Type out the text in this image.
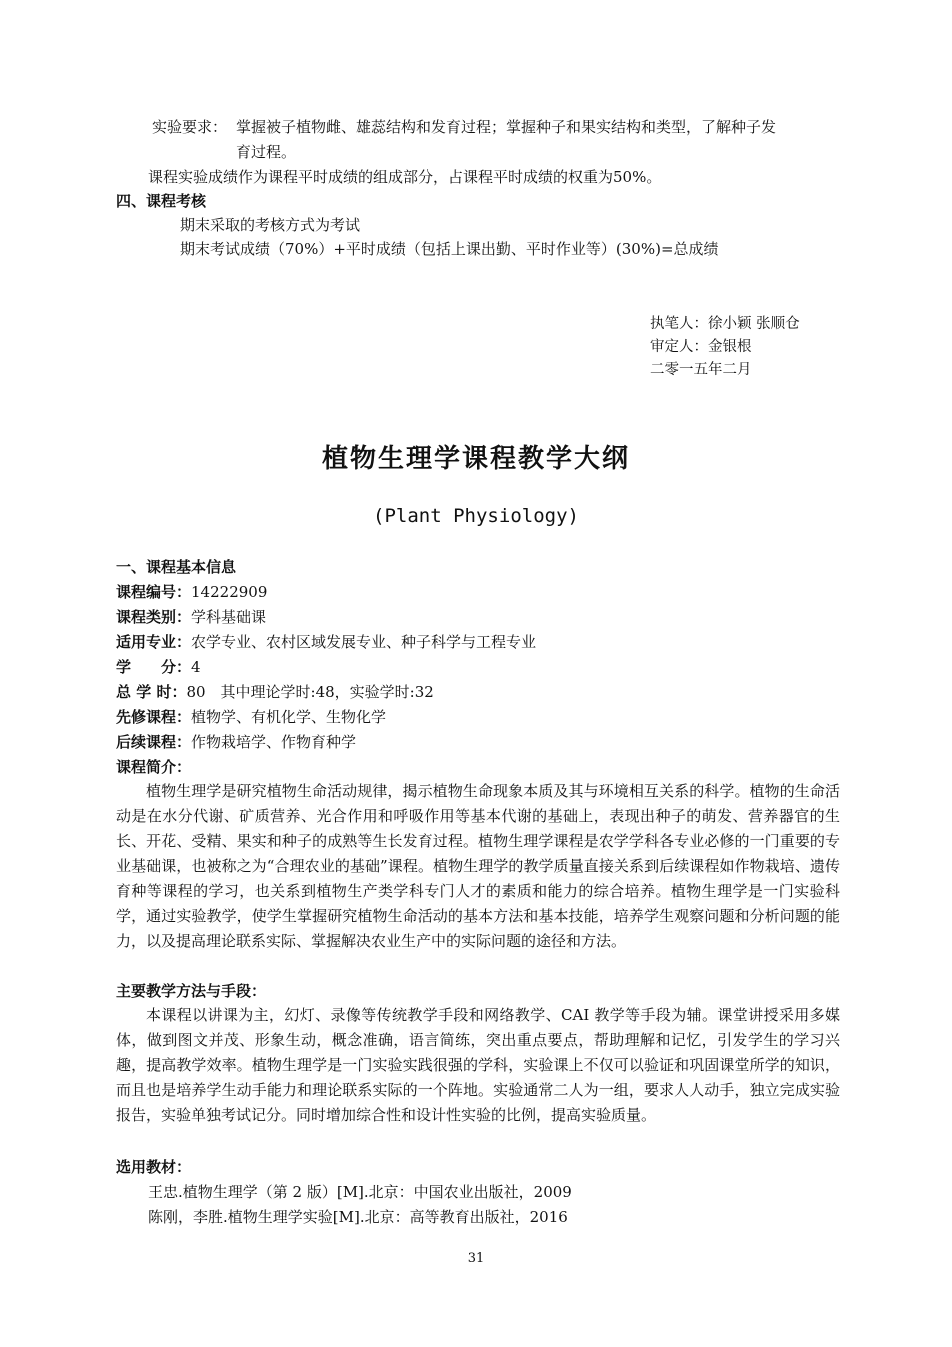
实验要求： 掌握被子植物雌、雄蕊结构和发育过程；掌握种子和果实结构和类型，了解种子发
育过程。
课程实验成绩作为课程平时成绩的组成部分，占课程平时成绩的权重为50%。
四、课程考核
期末采取的考核方式为考试
期末考试成绩（70%）+平时成绩（包括上课出勤、平时作业等）(30%)=总成绩
执笔人：徐小颖 张顺仓
审定人：金银根
二零一五年二月
植物生理学课程教学大纲
(Plant Physiology)
一、课程基本信息
课程编号：14222909
课程类别：学科基础课
适用专业：农学专业、农村区域发展专业、种子科学与工程专业
学　　分：4
总 学 时：80　其中理论学时:48，实验学时:32
先修课程：植物学、有机化学、生物化学
后续课程：作物栽培学、作物育种学
课程简介：
植物生理学是研究植物生命活动规律，揭示植物生命现象本质及其与环境相互关系的科学。植物的生命活动是在水分代谢、矿质营养、光合作用和呼吸作用等基本代谢的基础上，表现出种子的萌发、营养器官的生长、开花、受精、果实和种子的成熟等生长发育过程。植物生理学课程是农学学科各专业必修的一门重要的专业基础课，也被称之为“合理农业的基础”课程。植物生理学的教学质量直接关系到后续课程如作物栽培、遗传育种等课程的学习，也关系到植物生产类学科专门人才的素质和能力的综合培养。植物生理学是一门实验科学，通过实验教学，使学生掌握研究植物生命活动的基本方法和基本技能，培养学生观察问题和分析问题的能力，以及提高理论联系实际、掌握解决农业生产中的实际问题的途径和方法。
主要教学方法与手段：
本课程以讲课为主，幻灯、录像等传统教学手段和网络教学、CAI 教学等手段为辅。课堂讲授采用多媒体，做到图文并茂、形象生动，概念准确，语言简练，突出重点要点，帮助理解和记忆，引发学生的学习兴趣，提高教学效率。植物生理学是一门实验实践很强的学科，实验课上不仅可以验证和巩固课堂所学的知识，而且也是培养学生动手能力和理论联系实际的一个阵地。实验通常二人为一组，要求人人动手，独立完成实验报告，实验单独考试记分。同时增加综合性和设计性实验的比例，提高实验质量。
选用教材：
王忠.植物生理学（第 2 版）[M].北京：中国农业出版社，2009
陈刚，李胜.植物生理学实验[M].北京：高等教育出版社，2016
31
